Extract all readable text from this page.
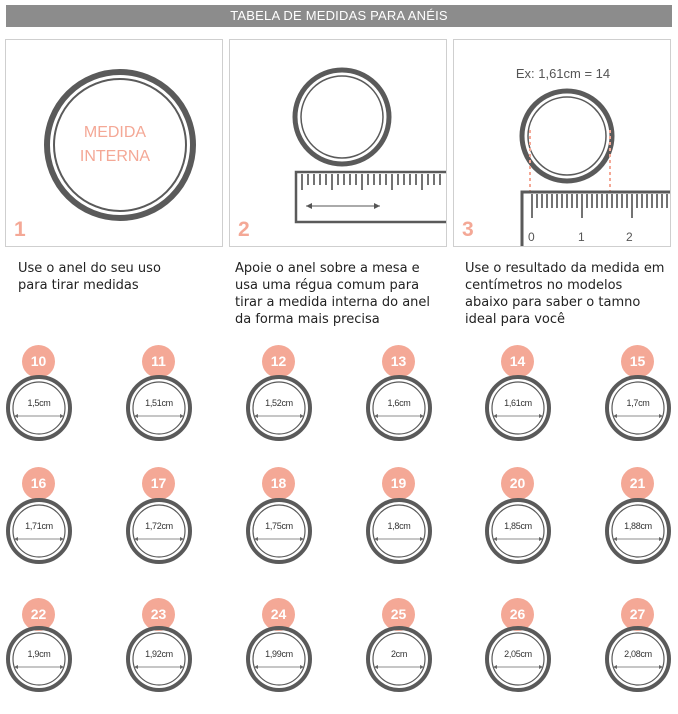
TABELA DE MEDIDAS PARA ANÉIS
MEDIDA
INTERNA
1	2
Ex: 1,61cm = 14
0	1	2
3
Use o anel do seu uso para tirar medidas
Apoie o anel sobre a mesa e usa uma régua comum para tirar a medida interna do anel da forma mais precisa
Use o resultado da medida em centímetros no modelos abaixo para saber o tamno ideal para você
10
1,5cm
11
1,51cm
12
1,52cm
13
1,6cm
14
1,61cm
15
1,7cm
16
1,71cm
17
1,72cm
18
1,75cm
19
1,8cm
20
1,85cm
21
1,88cm
22
1,9cm
23
1,92cm
24
1,99cm
25
2cm
26
2,05cm
27
2,08cm
